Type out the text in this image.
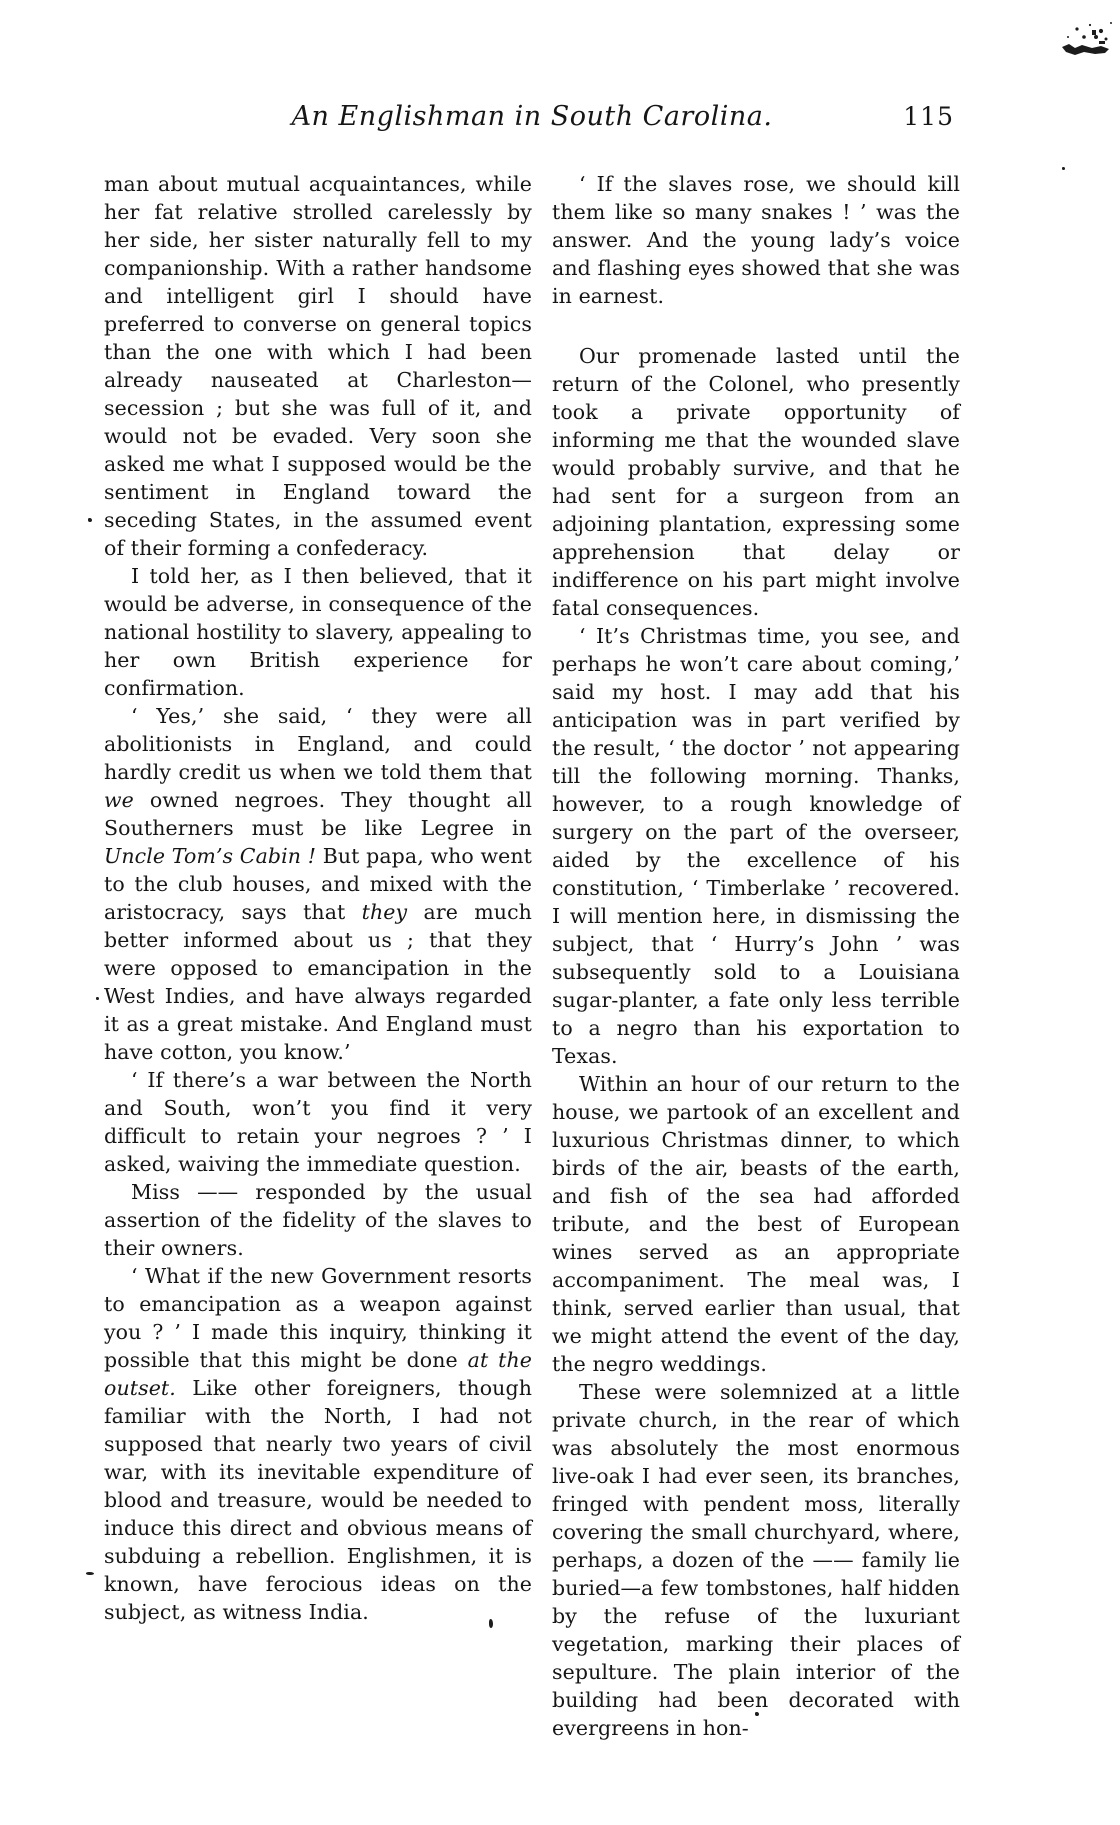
An Englishman in South Carolina.	115

man about mutual acquaintances, while her fat relative strolled carelessly by her side, her sister naturally fell to my companionship. With a rather handsome and intelligent girl I should have preferred to converse on general topics than the one with which I had been already nauseated at Charleston—secession ; but she was full of it, and would not be evaded. Very soon she asked me what I supposed would be the sentiment in England toward the seceding States, in the assumed event of their forming a confederacy.

I told her, as I then believed, that it would be adverse, in consequence of the national hostility to slavery, appealing to her own British experience for confirmation.

‘ Yes,’ she said, ‘ they were all abolitionists in England, and could hardly credit us when we told them that we owned negroes. They thought all Southerners must be like Legree in Uncle Tom’s Cabin ! But papa, who went to the club houses, and mixed with the aristocracy, says that they are much better informed about us ; that they were opposed to emancipation in the West Indies, and have always regarded it as a great mistake. And England must have cotton, you know.’

‘ If there’s a war between the North and South, won’t you find it very difficult to retain your negroes ? ’ I asked, waiving the immediate question.

Miss —— responded by the usual assertion of the fidelity of the slaves to their owners.

‘ What if the new Government resorts to emancipation as a weapon against you ? ’ I made this inquiry, thinking it possible that this might be done at the outset. Like other foreigners, though familiar with the North, I had not supposed that nearly two years of civil war, with its inevitable expenditure of blood and treasure, would be needed to induce this direct and obvious means of subduing a rebellion. Englishmen, it is known, have ferocious ideas on the subject, as witness India.

‘ If the slaves rose, we should kill them like so many snakes ! ’ was the answer. And the young lady’s voice and flashing eyes showed that she was in earnest.

Our promenade lasted until the return of the Colonel, who presently took a private opportunity of informing me that the wounded slave would probably survive, and that he had sent for a surgeon from an adjoining plantation, expressing some apprehension that delay or indifference on his part might involve fatal consequences.

‘ It’s Christmas time, you see, and perhaps he won’t care about coming,’ said my host. I may add that his anticipation was in part verified by the result, ‘ the doctor ’ not appearing till the following morning. Thanks, however, to a rough knowledge of surgery on the part of the overseer, aided by the excellence of his constitution, ‘ Timberlake ’ recovered. I will mention here, in dismissing the subject, that ‘ Hurry’s John ’ was subsequently sold to a Louisiana sugar-planter, a fate only less terrible to a negro than his exportation to Texas.

Within an hour of our return to the house, we partook of an excellent and luxurious Christmas dinner, to which birds of the air, beasts of the earth, and fish of the sea had afforded tribute, and the best of European wines served as an appropriate accompaniment. The meal was, I think, served earlier than usual, that we might attend the event of the day, the negro weddings.

These were solemnized at a little private church, in the rear of which was absolutely the most enormous live-oak I had ever seen, its branches, fringed with pendent moss, literally covering the small churchyard, where, perhaps, a dozen of the —— family lie buried—a few tombstones, half hidden by the refuse of the luxuriant vegetation, marking their places of sepulture. The plain interior of the building had been decorated with evergreens in hon-
